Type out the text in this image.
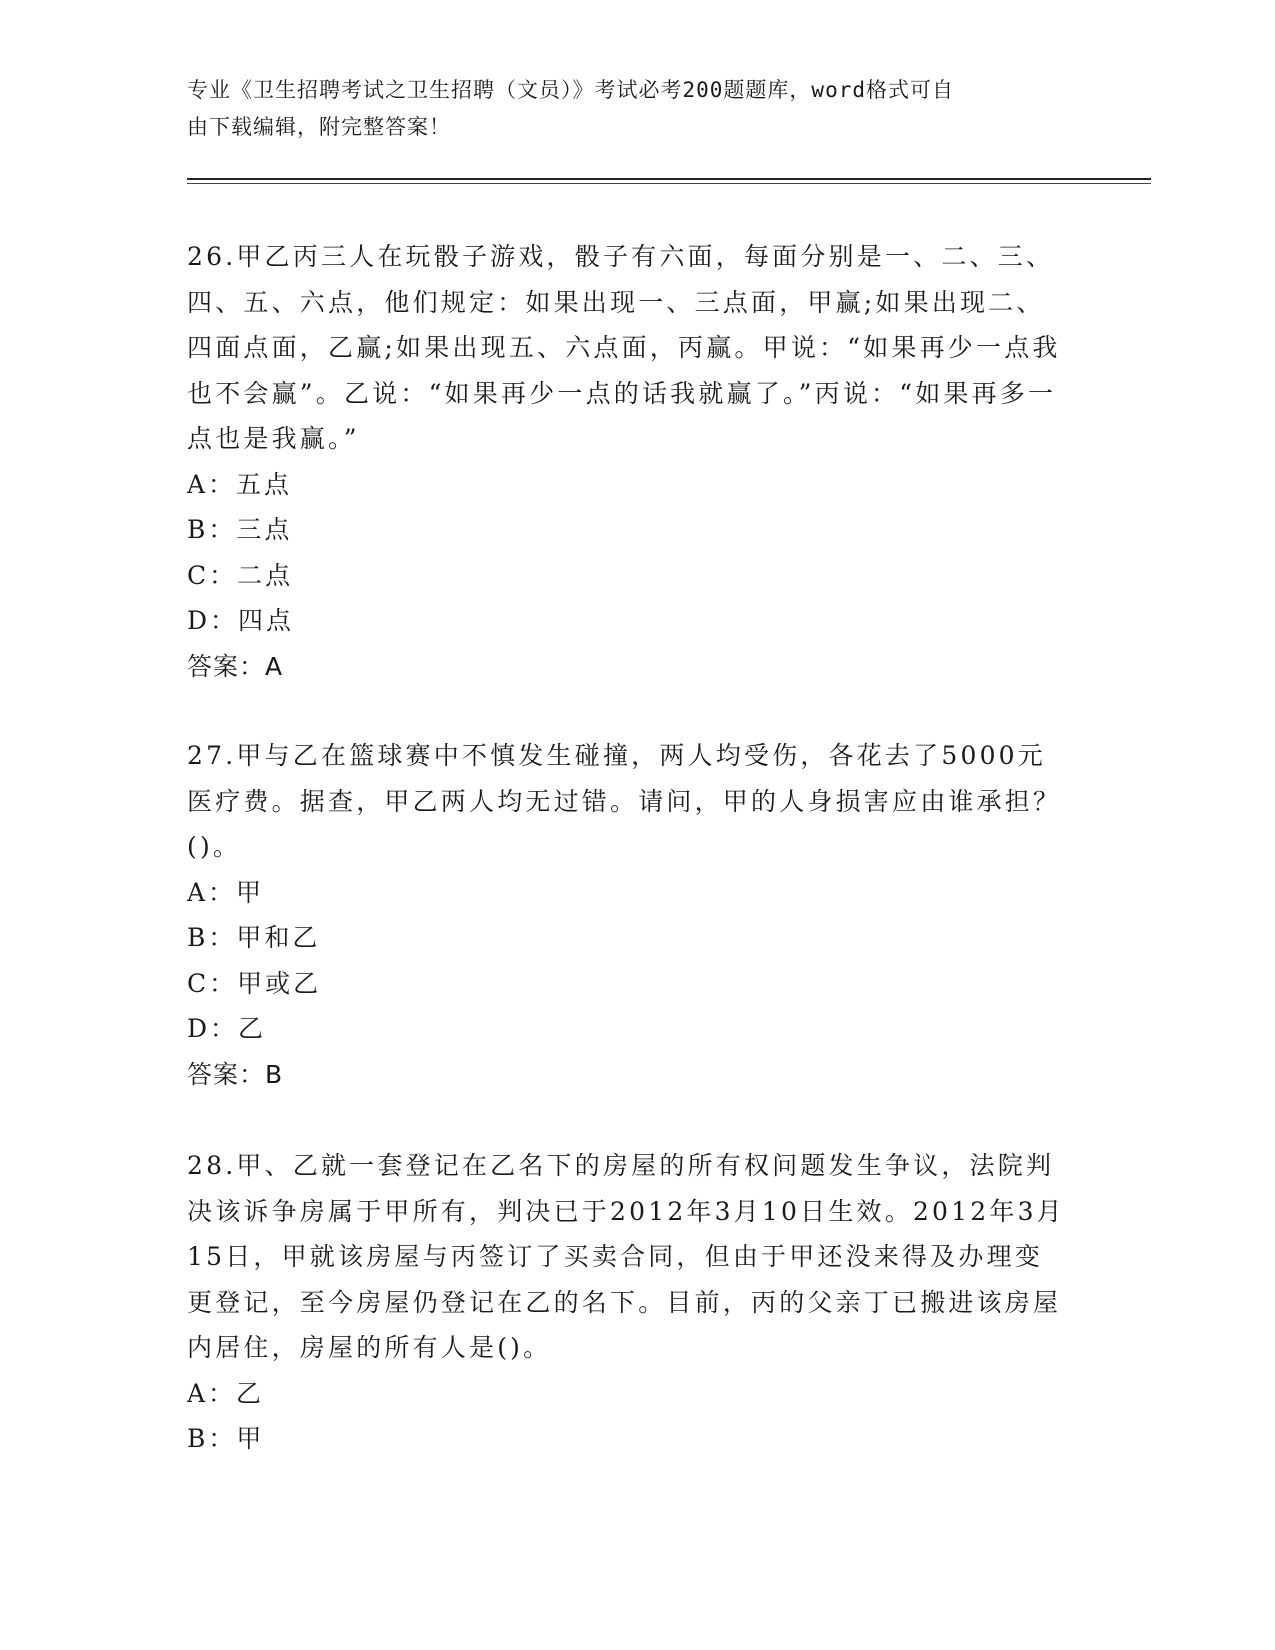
专业《卫生招聘考试之卫生招聘（文员）》考试必考200题题库，word格式可自
由下载编辑，附完整答案！

26.甲乙丙三人在玩骰子游戏，骰子有六面，每面分别是一、二、三、四、五、六点，他们规定：如果出现一、三点面，甲赢;如果出现二、四面点面，乙赢;如果出现五、六点面，丙赢。甲说：“如果再少一点我也不会赢”。乙说：“如果再少一点的话我就赢了。”丙说：“如果再多一点也是我赢。”

A：五点

B：三点

C：二点

D：四点

答案：A

27.甲与乙在篮球赛中不慎发生碰撞，两人均受伤，各花去了5000元医疗费。据查，甲乙两人均无过错。请问，甲的人身损害应由谁承担？()。

A：甲

B：甲和乙

C：甲或乙

D：乙

答案：B

28.甲、乙就一套登记在乙名下的房屋的所有权问题发生争议，法院判决该诉争房属于甲所有，判决已于2012年3月10日生效。2012年3月15日，甲就该房屋与丙签订了买卖合同，但由于甲还没来得及办理变更登记，至今房屋仍登记在乙的名下。目前，丙的父亲丁已搬进该房屋内居住，房屋的所有人是()。

A：乙

B：甲
